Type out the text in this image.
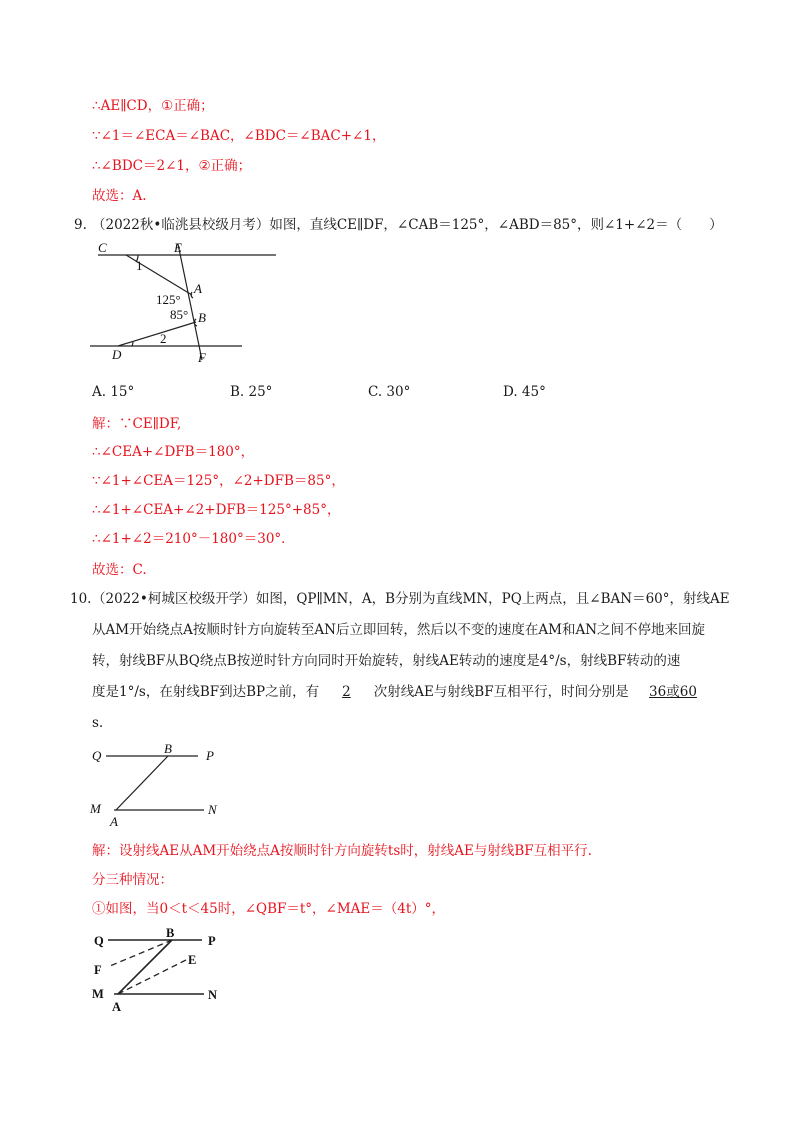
∴AE∥CD，①正确；
∵∠1＝∠ECA＝∠BAC，∠BDC＝∠BAC+∠1，
∴∠BDC＝2∠1，②正确；
故选：A.
9. （2022秋•临洮县校级月考）如图，直线CE∥DF，∠CAB＝125°，∠ABD＝85°，则∠1+∠2＝（　　）
C	E
1
A
125°
85° B
2
D	F
A. 15°	B. 25°	C. 30°	D. 45°
解：∵CE∥DF,
∴∠CEA+∠DFB＝180°，
∵∠1+∠CEA＝125°，∠2+DFB＝85°，
∴∠1+∠CEA+∠2+DFB＝125°+85°，
∴∠1+∠2＝210°－180°＝30°．
故选：C.
10. （2022•柯城区校级开学）如图，QP∥MN，A，B分别为直线MN，PQ上两点，且∠BAN＝60°，射线AE
从AM开始绕点A按顺时针方向旋转至AN后立即回转，然后以不变的速度在AM和AN之间不停地来回旋
转，射线BF从BQ绕点B按逆时针方向同时开始旋转，射线AE转动的速度是4°/s，射线BF转动的速
度是1°/s，在射线BF到达BP之前，有 2 次射线AE与射线BF互相平行，时间分别是 36或60
s.
Q	B	P
M
A
N
解：设射线AE从AM开始绕点A按顺时针方向旋转ts时，射线AE与射线BF互相平行.
分三种情况：
①如图，当0＜t＜45时，∠QBF＝t°，∠MAE＝（4t）°，
Q
B
P
F
E
M
A
N
